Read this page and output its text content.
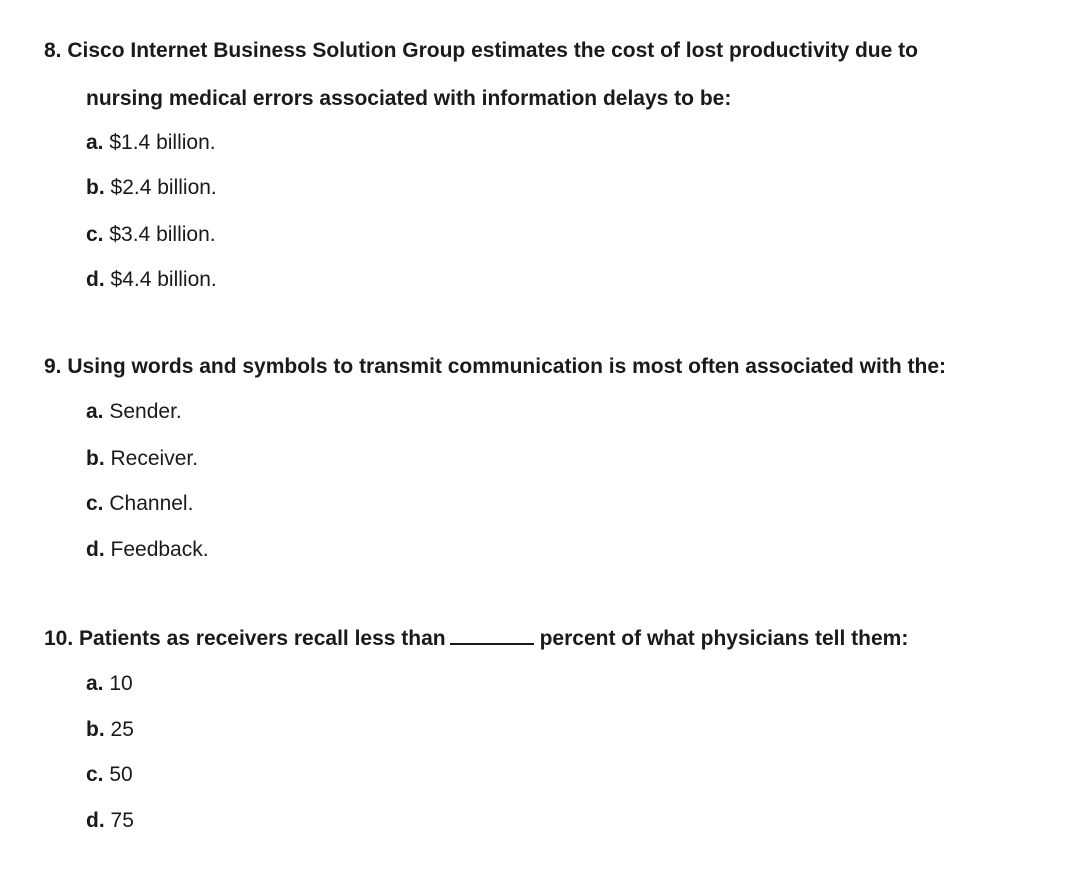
8. Cisco Internet Business Solution Group estimates the cost of lost productivity due to
nursing medical errors associated with information delays to be:
a. $1.4 billion.
b. $2.4 billion.
c. $3.4 billion.
d. $4.4 billion.
9. Using words and symbols to transmit communication is most often associated with the:
a. Sender.
b. Receiver.
c. Channel.
d. Feedback.
10. Patients as receivers recall less than	percent of what physicians tell them:
a. 10
b. 25
c. 50
d. 75
